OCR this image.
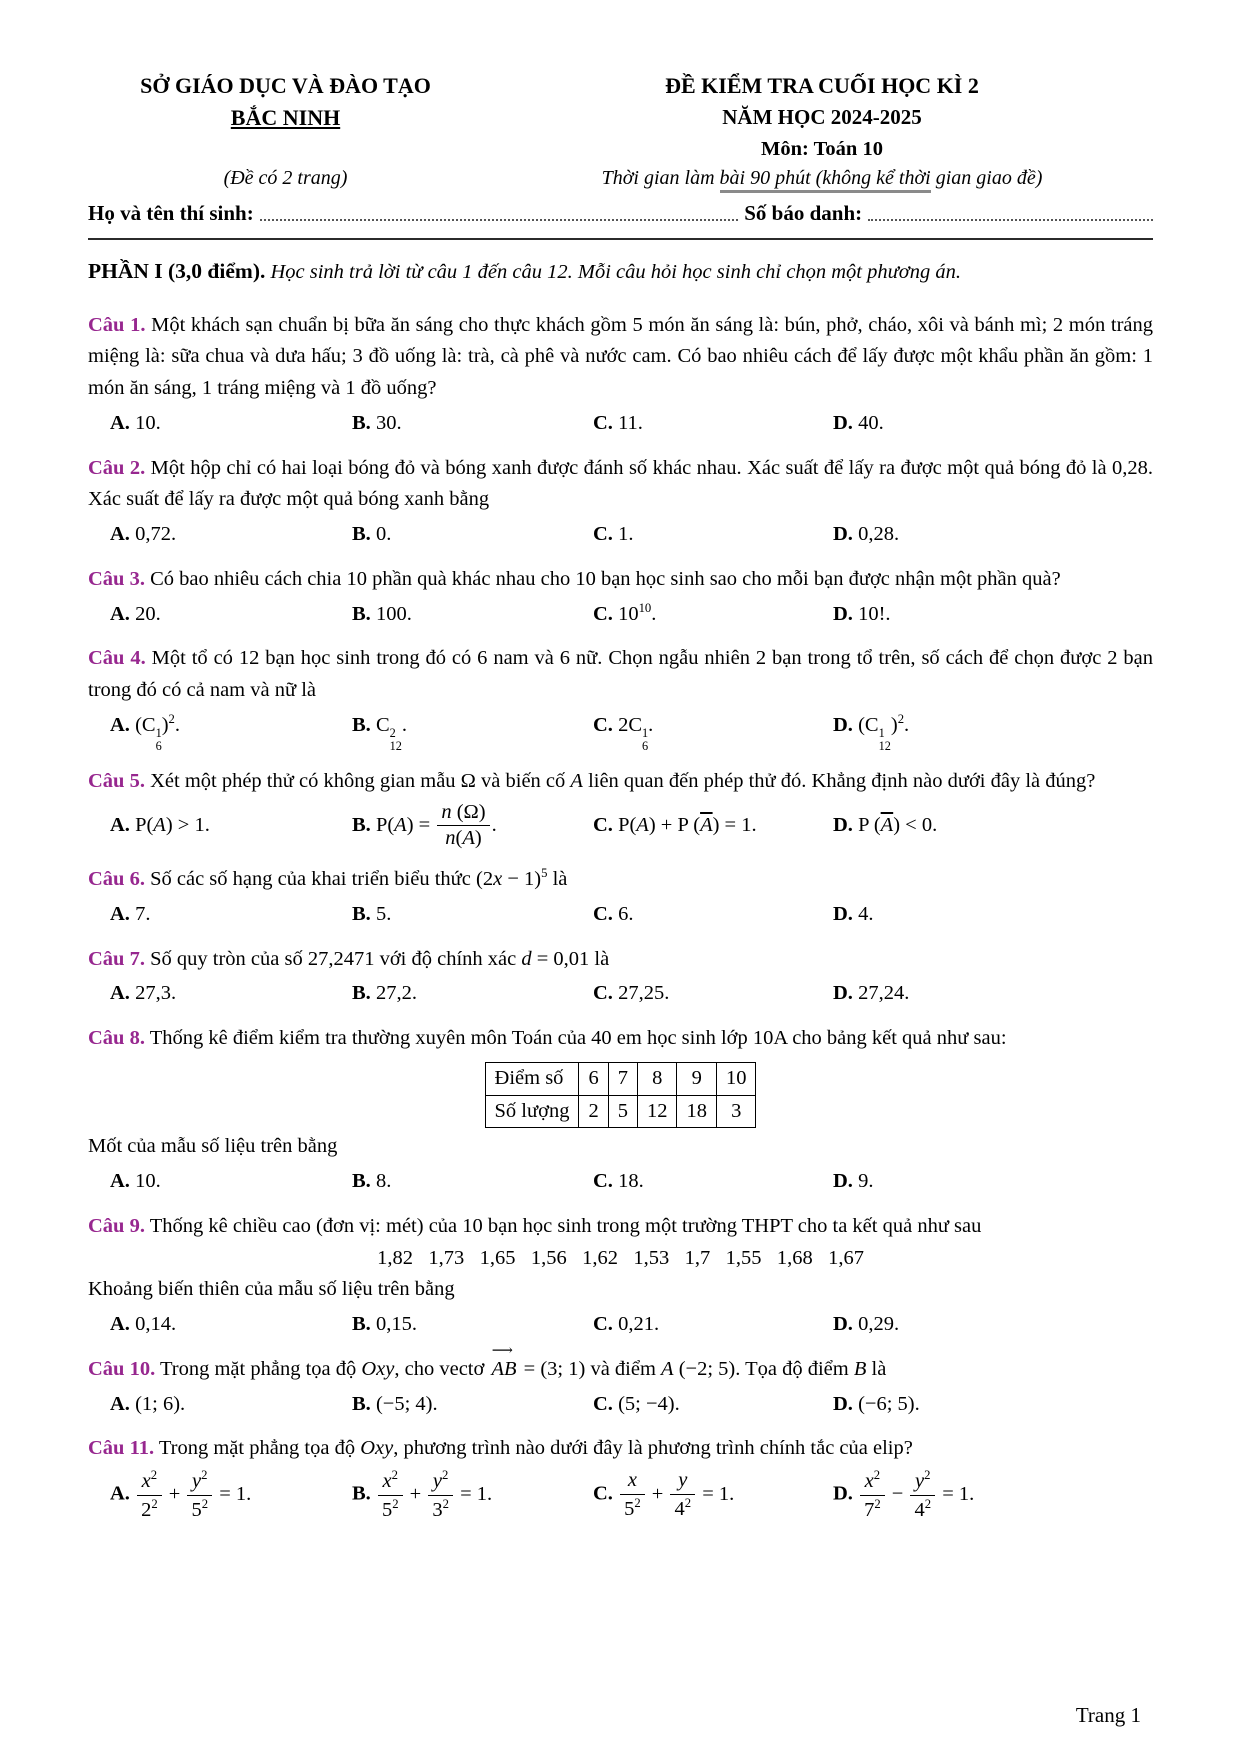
SỞ GIÁO DỤC VÀ ĐÀO TẠO	ĐỀ KIỂM TRA CUỐI HỌC KÌ 2
BẮC NINH	NĂM HỌC 2024-2025
Môn: Toán 10
(Đề có 2 trang)	Thời gian làm bài 90 phút (không kể thời gian giao đề)
Họ và tên thí sinh:	Số báo danh:

PHẦN I (3,0 điểm). Học sinh trả lời từ câu 1 đến câu 12. Mỗi câu hỏi học sinh chỉ chọn một phương án.

Câu 1. Một khách sạn chuẩn bị bữa ăn sáng cho thực khách gồm 5 món ăn sáng là: bún, phở, cháo, xôi và bánh mì; 2 món tráng miệng là: sữa chua và dưa hấu; 3 đồ uống là: trà, cà phê và nước cam. Có bao nhiêu cách để lấy được một khẩu phần ăn gồm: 1 món ăn sáng, 1 tráng miệng và 1 đồ uống?

A. 10.	B. 30.	C. 11.	D. 40.

Câu 2. Một hộp chỉ có hai loại bóng đỏ và bóng xanh được đánh số khác nhau. Xác suất để lấy ra được một quả bóng đỏ là 0,28. Xác suất để lấy ra được một quả bóng xanh bằng

A. 0,72.	B. 0.	C. 1.	D. 0,28.

Câu 3. Có bao nhiêu cách chia 10 phần quà khác nhau cho 10 bạn học sinh sao cho mỗi bạn được nhận một phần quà?

A. 20.	B. 100.	C. $10^{10}$.	D. 10!.

Câu 4. Một tổ có 12 bạn học sinh trong đó có 6 nam và 6 nữ. Chọn ngẫu nhiên 2 bạn trong tổ trên, số cách để chọn được 2 bạn trong đó có cả nam và nữ là

A. (C 1
6
)$^2$.	B. C 2
12
.	C. 2C 1
6
.	D. (C 1
12
)$^2$.

Câu 5. Xét một phép thử có không gian mẫu Ω và biến cố A liên quan đến phép thử đó. Khẳng định nào dưới đây là đúng?

A. P(A) > 1.	B. $P(A) = \frac{n (\Omega)}{n(A)}$ .	C. P(A) + P $(\overline{A}) = 1$.	D. P $(\overline{A}) < 0$.

Câu 6. Số các số hạng của khai triển biểu thức $(2x - 1)^5$ là

A. 7.	B. 5.	C. 6.	D. 4.

Câu 7. Số quy tròn của số 27,2471 với độ chính xác d = 0,01 là

A. 27,3.	B. 27,2.	C. 27,25.	D. 27,24.

Câu 8. Thống kê điểm kiểm tra thường xuyên môn Toán của 40 em học sinh lớp 10A cho bảng kết quả như sau:

Điểm số	6	7	8	9	10
Số lượng	2	5	12	18	3

Mốt của mẫu số liệu trên bằng

A. 10.	B. 8.	C. 18.	D. 9.

Câu 9. Thống kê chiều cao (đơn vị: mét) của 10 bạn học sinh trong một trường THPT cho ta kết quả như sau

1,82   1,73   1,65   1,56   1,62   1,53   1,7   1,55   1,68   1,67

Khoảng biến thiên của mẫu số liệu trên bằng

A. 0,14.	B. 0,15.	C. 0,21.	D. 0,29.

Câu 10. Trong mặt phẳng tọa độ Oxy, cho vectơ AB ⟶ = (3; 1) và điểm A (−2; 5). Tọa độ điểm B là

A. (1; 6).	B. (−5; 4).	C. (5; −4).	D. (−6; 5).

Câu 11. Trong mặt phẳng tọa độ Oxy, phương trình nào dưới đây là phương trình chính tắc của elip?

A. $\frac{x^2}{2^2} + \frac{y^2}{5^2} = 1$.	B. $\frac{x^2}{5^2} + \frac{y^2}{3^2} = 1$.	C. $\frac{x}{5^2} + \frac{y}{4^2} = 1$.	D. $\frac{x^2}{7^2} - \frac{y^2}{4^2} = 1$.
Trang 1
